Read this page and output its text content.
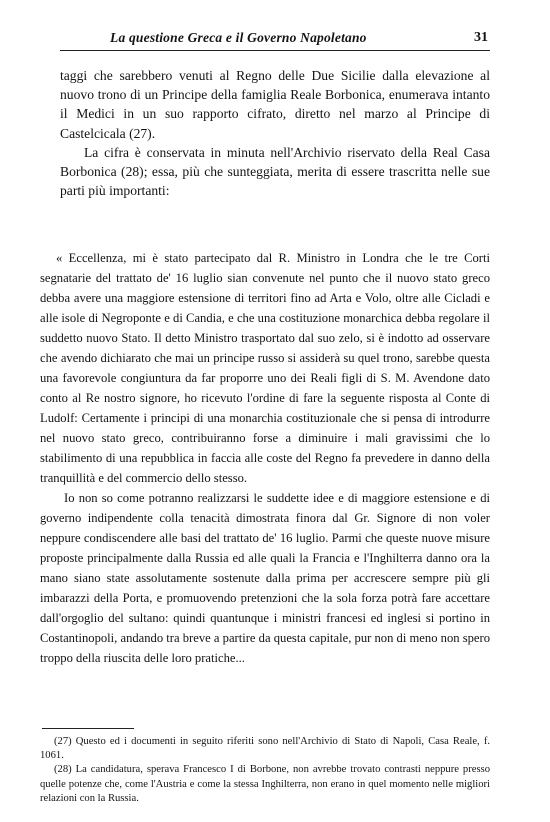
La questione Greca e il Governo Napoletano	31

taggi che sarebbero venuti al Regno delle Due Sicilie dalla elevazione al nuovo trono di un Principe della famiglia Reale Borbonica, enumerava intanto il Medici in un suo rapporto cifrato, diretto nel marzo al Principe di Castelcicala (27).

La cifra è conservata in minuta nell'Archivio riservato della Real Casa Borbonica (28); essa, più che sunteggiata, merita di essere trascritta nelle sue parti più importanti:

« Eccellenza, mi è stato partecipato dal R. Ministro in Londra che le tre Corti segnatarie del trattato de' 16 luglio sian convenute nel punto che il nuovo stato greco debba avere una maggiore estensione di territori fino ad Arta e Volo, oltre alle Cicladi e alle isole di Negroponte e di Candia, e che una costituzione monarchica debba regolare il suddetto nuovo Stato. Il detto Ministro trasportato dal suo zelo, si è indotto ad osservare che avendo dichiarato che mai un principe russo si assiderà su quel trono, sarebbe questa una favorevole congiuntura da far proporre uno dei Reali figli di S. M. Avendone dato conto al Re nostro signore, ho ricevuto l'ordine di fare la seguente risposta al Conte di Ludolf: Certamente i principi di una monarchia costituzionale che si pensa di introdurre nel nuovo stato greco, contribuiranno forse a diminuire i mali gravissimi che lo stabilimento di una repubblica in faccia alle coste del Regno fa prevedere in danno della tranquillità e del commercio dello stesso.

Io non so come potranno realizzarsi le suddette idee e di maggiore estensione e di governo indipendente colla tenacità dimostrata finora dal Gr. Signore di non voler neppure condiscendere alle basi del trattato de' 16 luglio. Parmi che queste nuove misure proposte principalmente dalla Russia ed alle quali la Francia e l'Inghilterra danno ora la mano siano state assolutamente sostenute dalla prima per accrescere sempre più gli imbarazzi della Porta, e promuovendo pretenzioni che la sola forza potrà fare accettare dall'orgoglio del sultano: quindi quantunque i ministri francesi ed inglesi si portino in Costantinopoli, andando tra breve a partire da questa capitale, pur non di meno non spero troppo della riuscita delle loro pratiche...

(27) Questo ed i documenti in seguito riferiti sono nell'Archivio di Stato di Napoli, Casa Reale, f. 1061.

(28) La candidatura, sperava Francesco I di Borbone, non avrebbe trovato contrasti neppure presso quelle potenze che, come l'Austria e come la stessa Inghilterra, non erano in quel momento nelle migliori relazioni con la Russia.
